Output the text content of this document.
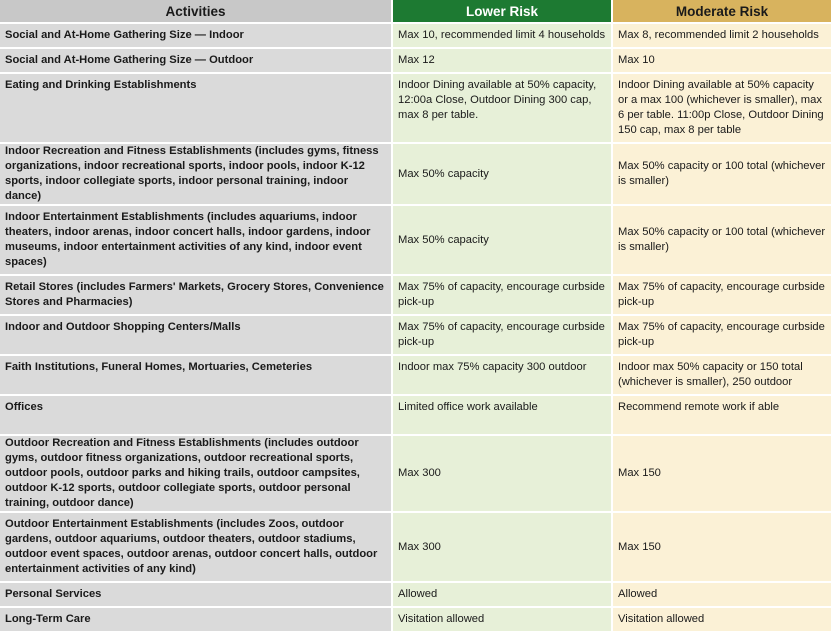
Activities	Lower Risk	Moderate Risk
Social and At-Home Gathering Size — Indoor	Max 10, recommended limit 4 households	Max 8, recommended limit 2 households
Social and At-Home Gathering Size — Outdoor	Max 12	Max 10
Eating and Drinking Establishments	Indoor Dining available at 50% capacity, 12:00a Close, Outdoor Dining 300 cap, max 8 per table.	Indoor Dining available at 50% capacity or a max 100 (whichever is smaller), max 6 per table. 11:00p Close, Outdoor Dining 150 cap, max 8 per table
Indoor Recreation and Fitness Establishments (includes gyms, fitness organizations, indoor recreational sports, indoor pools, indoor K-12 sports, indoor collegiate sports, indoor personal training, indoor dance)	Max 50% capacity	Max 50% capacity or 100 total (whichever is smaller)
Indoor Entertainment Establishments (includes aquariums, indoor theaters, indoor arenas, indoor concert halls, indoor gardens, indoor museums, indoor entertainment activities of any kind, indoor event spaces)	Max 50% capacity	Max 50% capacity or 100 total (whichever is smaller)
Retail Stores (includes Farmers' Markets, Grocery Stores, Convenience Stores and Pharmacies)	Max 75% of capacity, encourage curbside pick-up	Max 75% of capacity, encourage curbside pick-up
Indoor and Outdoor Shopping Centers/Malls	Max 75% of capacity, encourage curbside pick-up	Max 75% of capacity, encourage curbside pick-up
Faith Institutions, Funeral Homes, Mortuaries, Cemeteries	Indoor max 75% capacity 300 outdoor	Indoor max 50% capacity or 150 total (whichever is smaller), 250 outdoor
Offices	Limited office work available	Recommend remote work if able
Outdoor Recreation and Fitness Establishments (includes outdoor gyms, outdoor fitness organizations, outdoor recreational sports, outdoor pools, outdoor parks and hiking trails, outdoor campsites, outdoor K-12 sports, outdoor collegiate sports, outdoor personal training, outdoor dance)	Max 300	Max 150
Outdoor Entertainment Establishments (includes Zoos, outdoor gardens, outdoor aquariums, outdoor theaters, outdoor stadiums, outdoor event spaces, outdoor arenas, outdoor concert halls, outdoor entertainment activities of any kind)	Max 300	Max 150
Personal Services	Allowed	Allowed
Long-Term Care	Visitation allowed	Visitation allowed
